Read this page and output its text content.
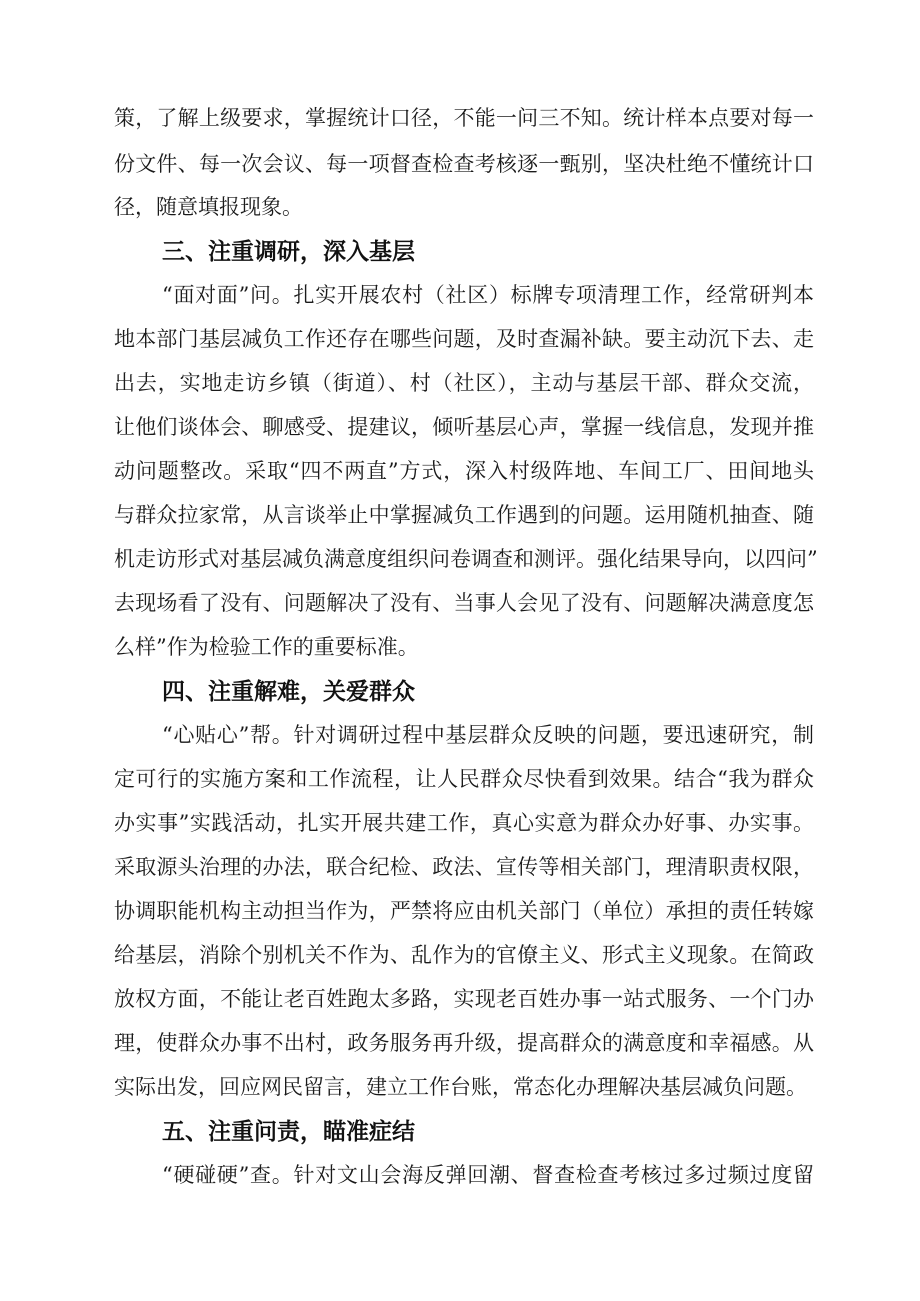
策，了解上级要求，掌握统计口径，不能一问三不知。统计样本点要对每一
份文件、每一次会议、每一项督查检查考核逐一甄别，坚决杜绝不懂统计口
径，随意填报现象。
三、注重调研，深入基层
“面对面”问。扎实开展农村（社区）标牌专项清理工作，经常研判本
地本部门基层减负工作还存在哪些问题，及时查漏补缺。要主动沉下去、走
出去，实地走访乡镇（街道）、村（社区），主动与基层干部、群众交流，
让他们谈体会、聊感受、提建议，倾听基层心声，掌握一线信息，发现并推
动问题整改。采取“四不两直”方式，深入村级阵地、车间工厂、田间地头
与群众拉家常，从言谈举止中掌握减负工作遇到的问题。运用随机抽查、随
机走访形式对基层减负满意度组织问卷调查和测评。强化结果导向，以四问”
去现场看了没有、问题解决了没有、当事人会见了没有、问题解决满意度怎
么样”作为检验工作的重要标准。
四、注重解难，关爱群众
“心贴心”帮。针对调研过程中基层群众反映的问题，要迅速研究，制
定可行的实施方案和工作流程，让人民群众尽快看到效果。结合“我为群众
办实事”实践活动，扎实开展共建工作，真心实意为群众办好事、办实事。
采取源头治理的办法，联合纪检、政法、宣传等相关部门，理清职责权限，
协调职能机构主动担当作为，严禁将应由机关部门（单位）承担的责任转嫁
给基层，消除个别机关不作为、乱作为的官僚主义、形式主义现象。在简政
放权方面，不能让老百姓跑太多路，实现老百姓办事一站式服务、一个门办
理，使群众办事不出村，政务服务再升级，提高群众的满意度和幸福感。从
实际出发，回应网民留言，建立工作台账，常态化办理解决基层减负问题。
五、注重问责，瞄准症结
“硬碰硬”查。针对文山会海反弹回潮、督查检查考核过多过频过度留
